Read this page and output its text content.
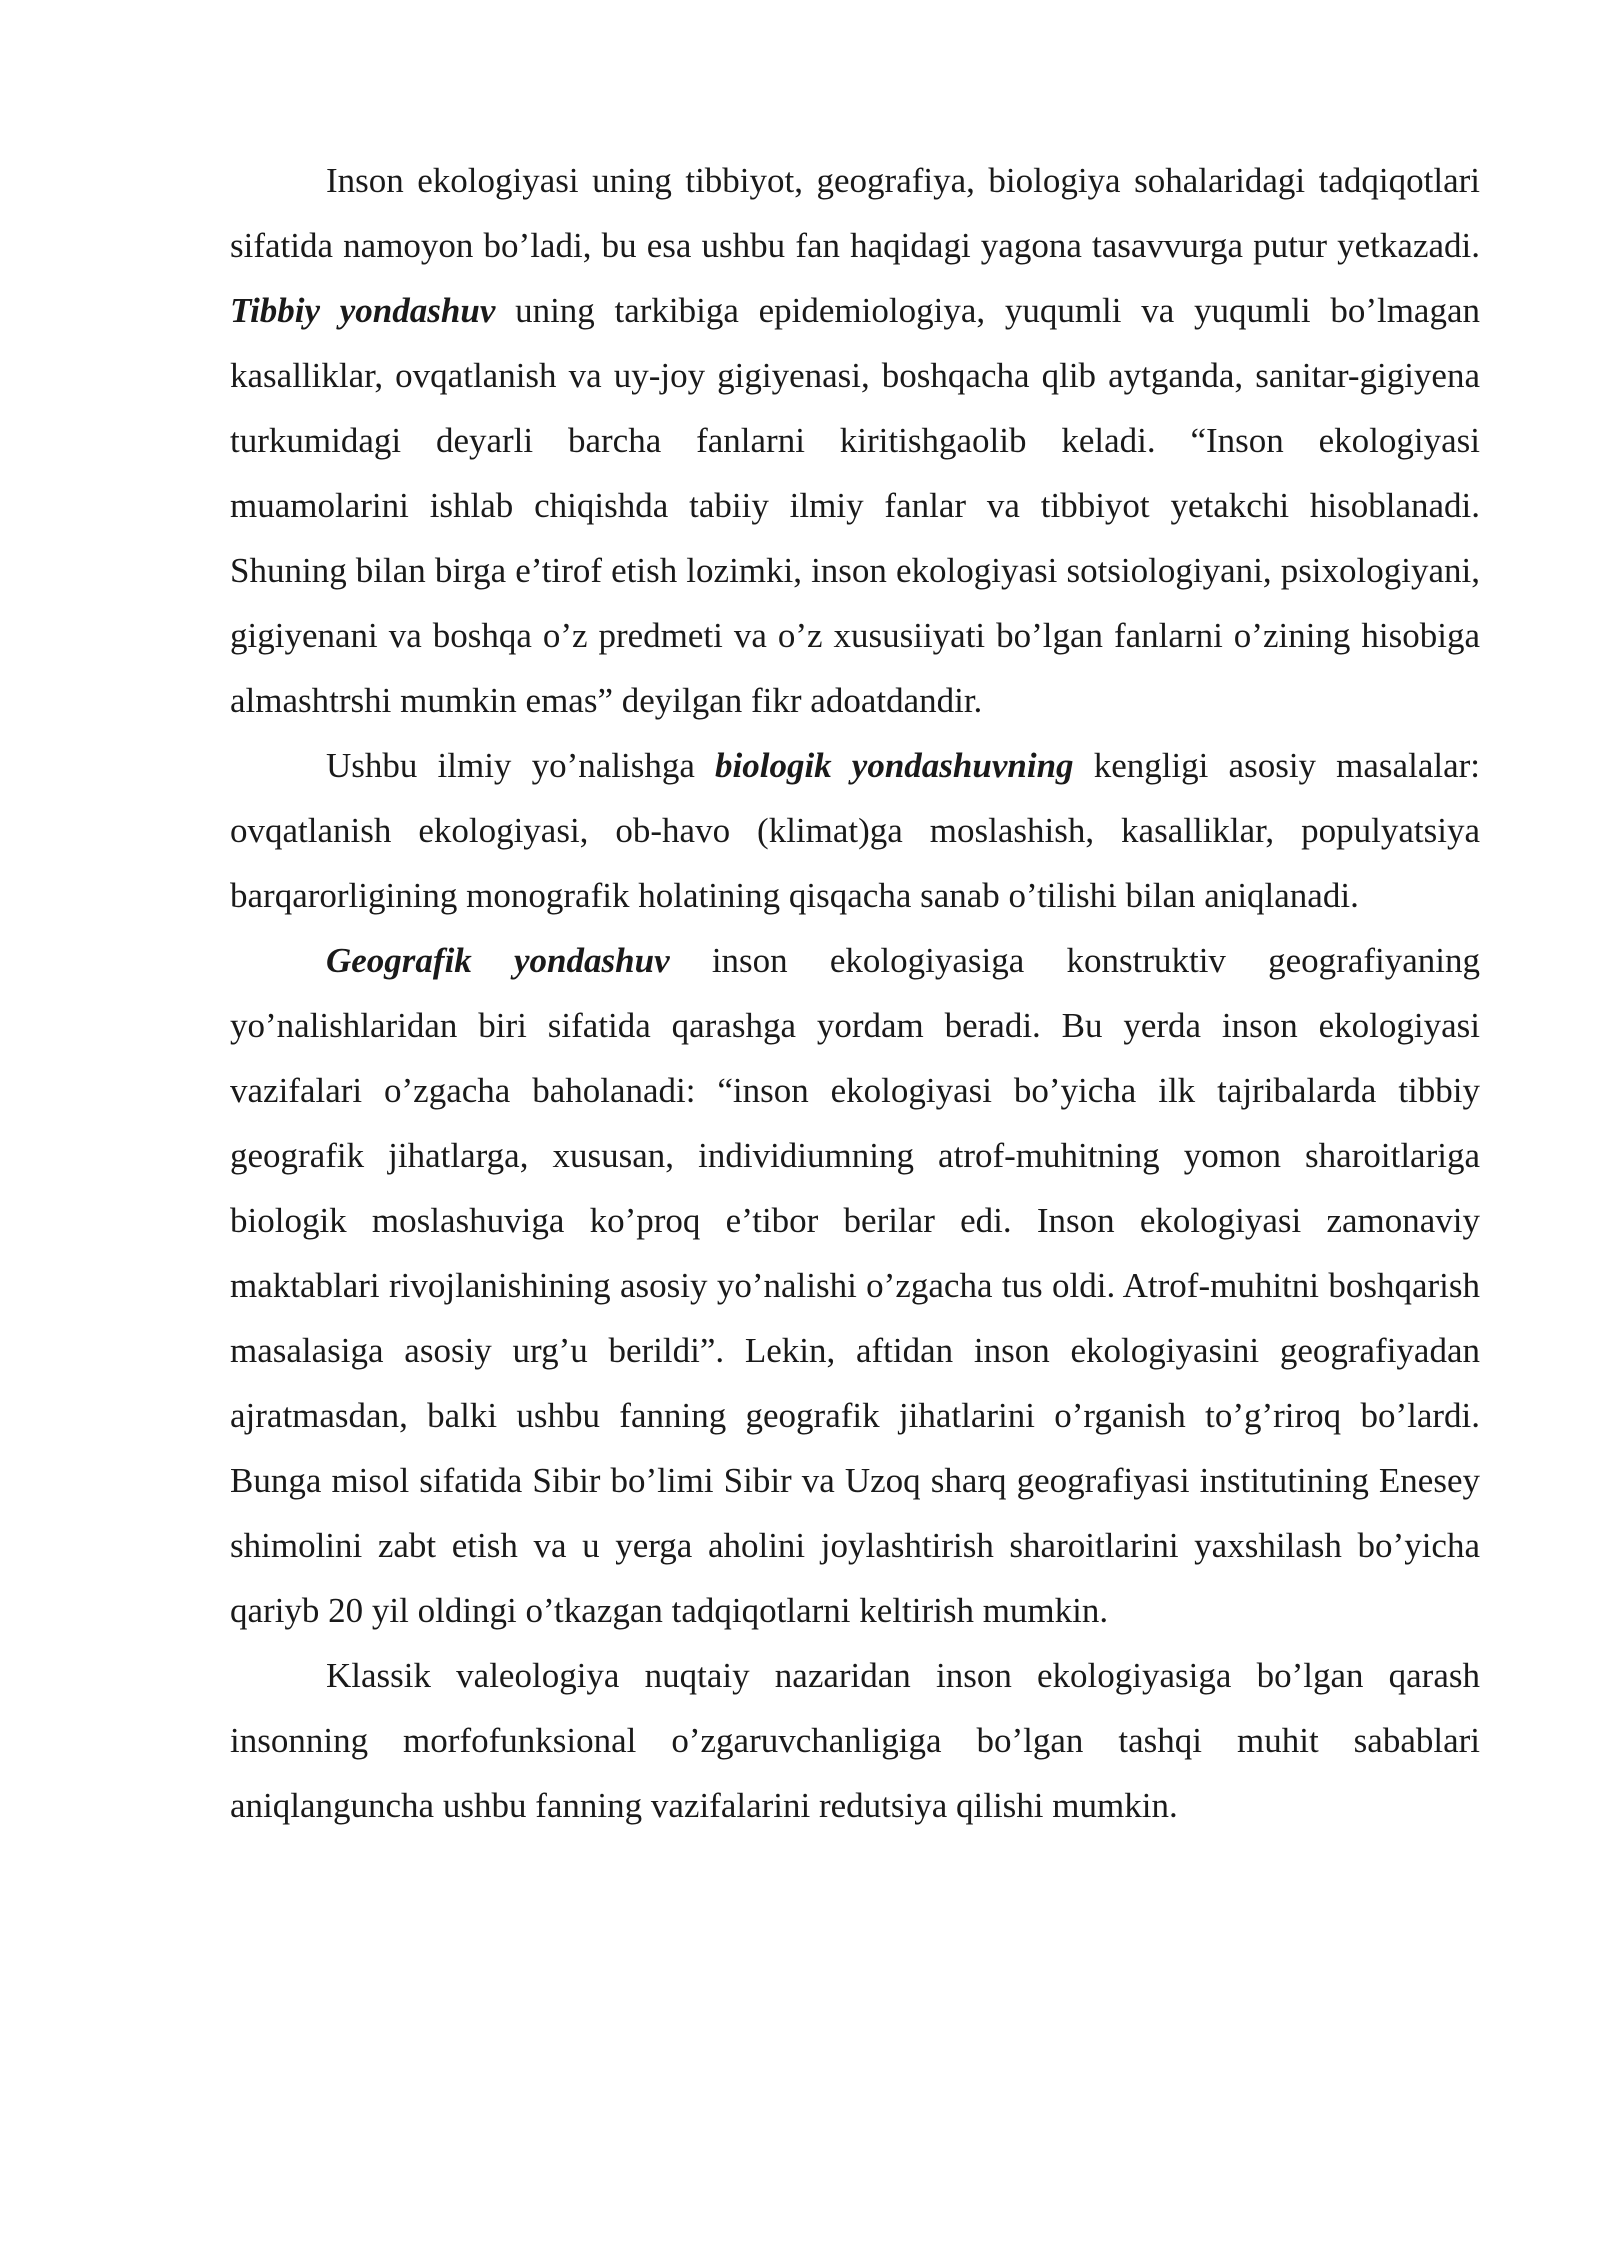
Inson ekologiyasi uning tibbiyot, geografiya, biologiya sohalaridagi tadqiqotlari sifatida namoyon bo’ladi, bu esa ushbu fan haqidagi yagona tasavvurga putur yetkazadi. Tibbiy yondashuv uning tarkibiga epidemiologiya, yuqumli va yuqumli bo’lmagan kasalliklar, ovqatlanish va uy-joy gigiyenasi, boshqacha qlib aytganda, sanitar-gigiyena turkumidagi deyarli barcha fanlarni kiritishgaolib keladi. “Inson ekologiyasi muamolarini ishlab chiqishda tabiiy ilmiy fanlar va tibbiyot yetakchi hisoblanadi. Shuning bilan birga e’tirof etish lozimki, inson ekologiyasi sotsiologiyani, psixologiyani, gigiyenani va boshqa o’z predmeti va o’z xususiiyati bo’lgan fanlarni o’zining hisobiga almashtrshi mumkin emas” deyilgan fikr adoatdandir.

Ushbu ilmiy yo’nalishga biologik yondashuvning kengligi asosiy masalalar: ovqatlanish ekologiyasi, ob-havo (klimat)ga moslashish, kasalliklar, populyatsiya barqarorligining monografik holatining qisqacha sanab o’tilishi bilan aniqlanadi.

Geografik yondashuv inson ekologiyasiga konstruktiv geografiyaning yo’nalishlaridan biri sifatida qarashga yordam beradi. Bu yerda inson ekologiyasi vazifalari o’zgacha baholanadi: “inson ekologiyasi bo’yicha ilk tajribalarda tibbiy geografik jihatlarga, xususan, individiumning atrof-muhitning yomon sharoitlariga biologik moslashuviga ko’proq e’tibor berilar edi. Inson ekologiyasi zamonaviy maktablari rivojlanishining asosiy yo’nalishi o’zgacha tus oldi. Atrof-muhitni boshqarish masalasiga asosiy urg’u berildi”. Lekin, aftidan inson ekologiyasini geografiyadan ajratmasdan, balki ushbu fanning geografik jihatlarini o’rganish to’g’riroq bo’lardi. Bunga misol sifatida Sibir bo’limi Sibir va Uzoq sharq geografiyasi institutining Enesey shimolini zabt etish va u yerga aholini joylashtirish sharoitlarini yaxshilash bo’yicha qariyb 20 yil oldingi o’tkazgan tadqiqotlarni keltirish mumkin.

Klassik valeologiya nuqtaiy nazaridan inson ekologiyasiga bo’lgan qarash insonning morfofunksional o’zgaruvchanligiga bo’lgan tashqi muhit sabablari aniqlanguncha ushbu fanning vazifalarini redutsiya qilishi mumkin.
